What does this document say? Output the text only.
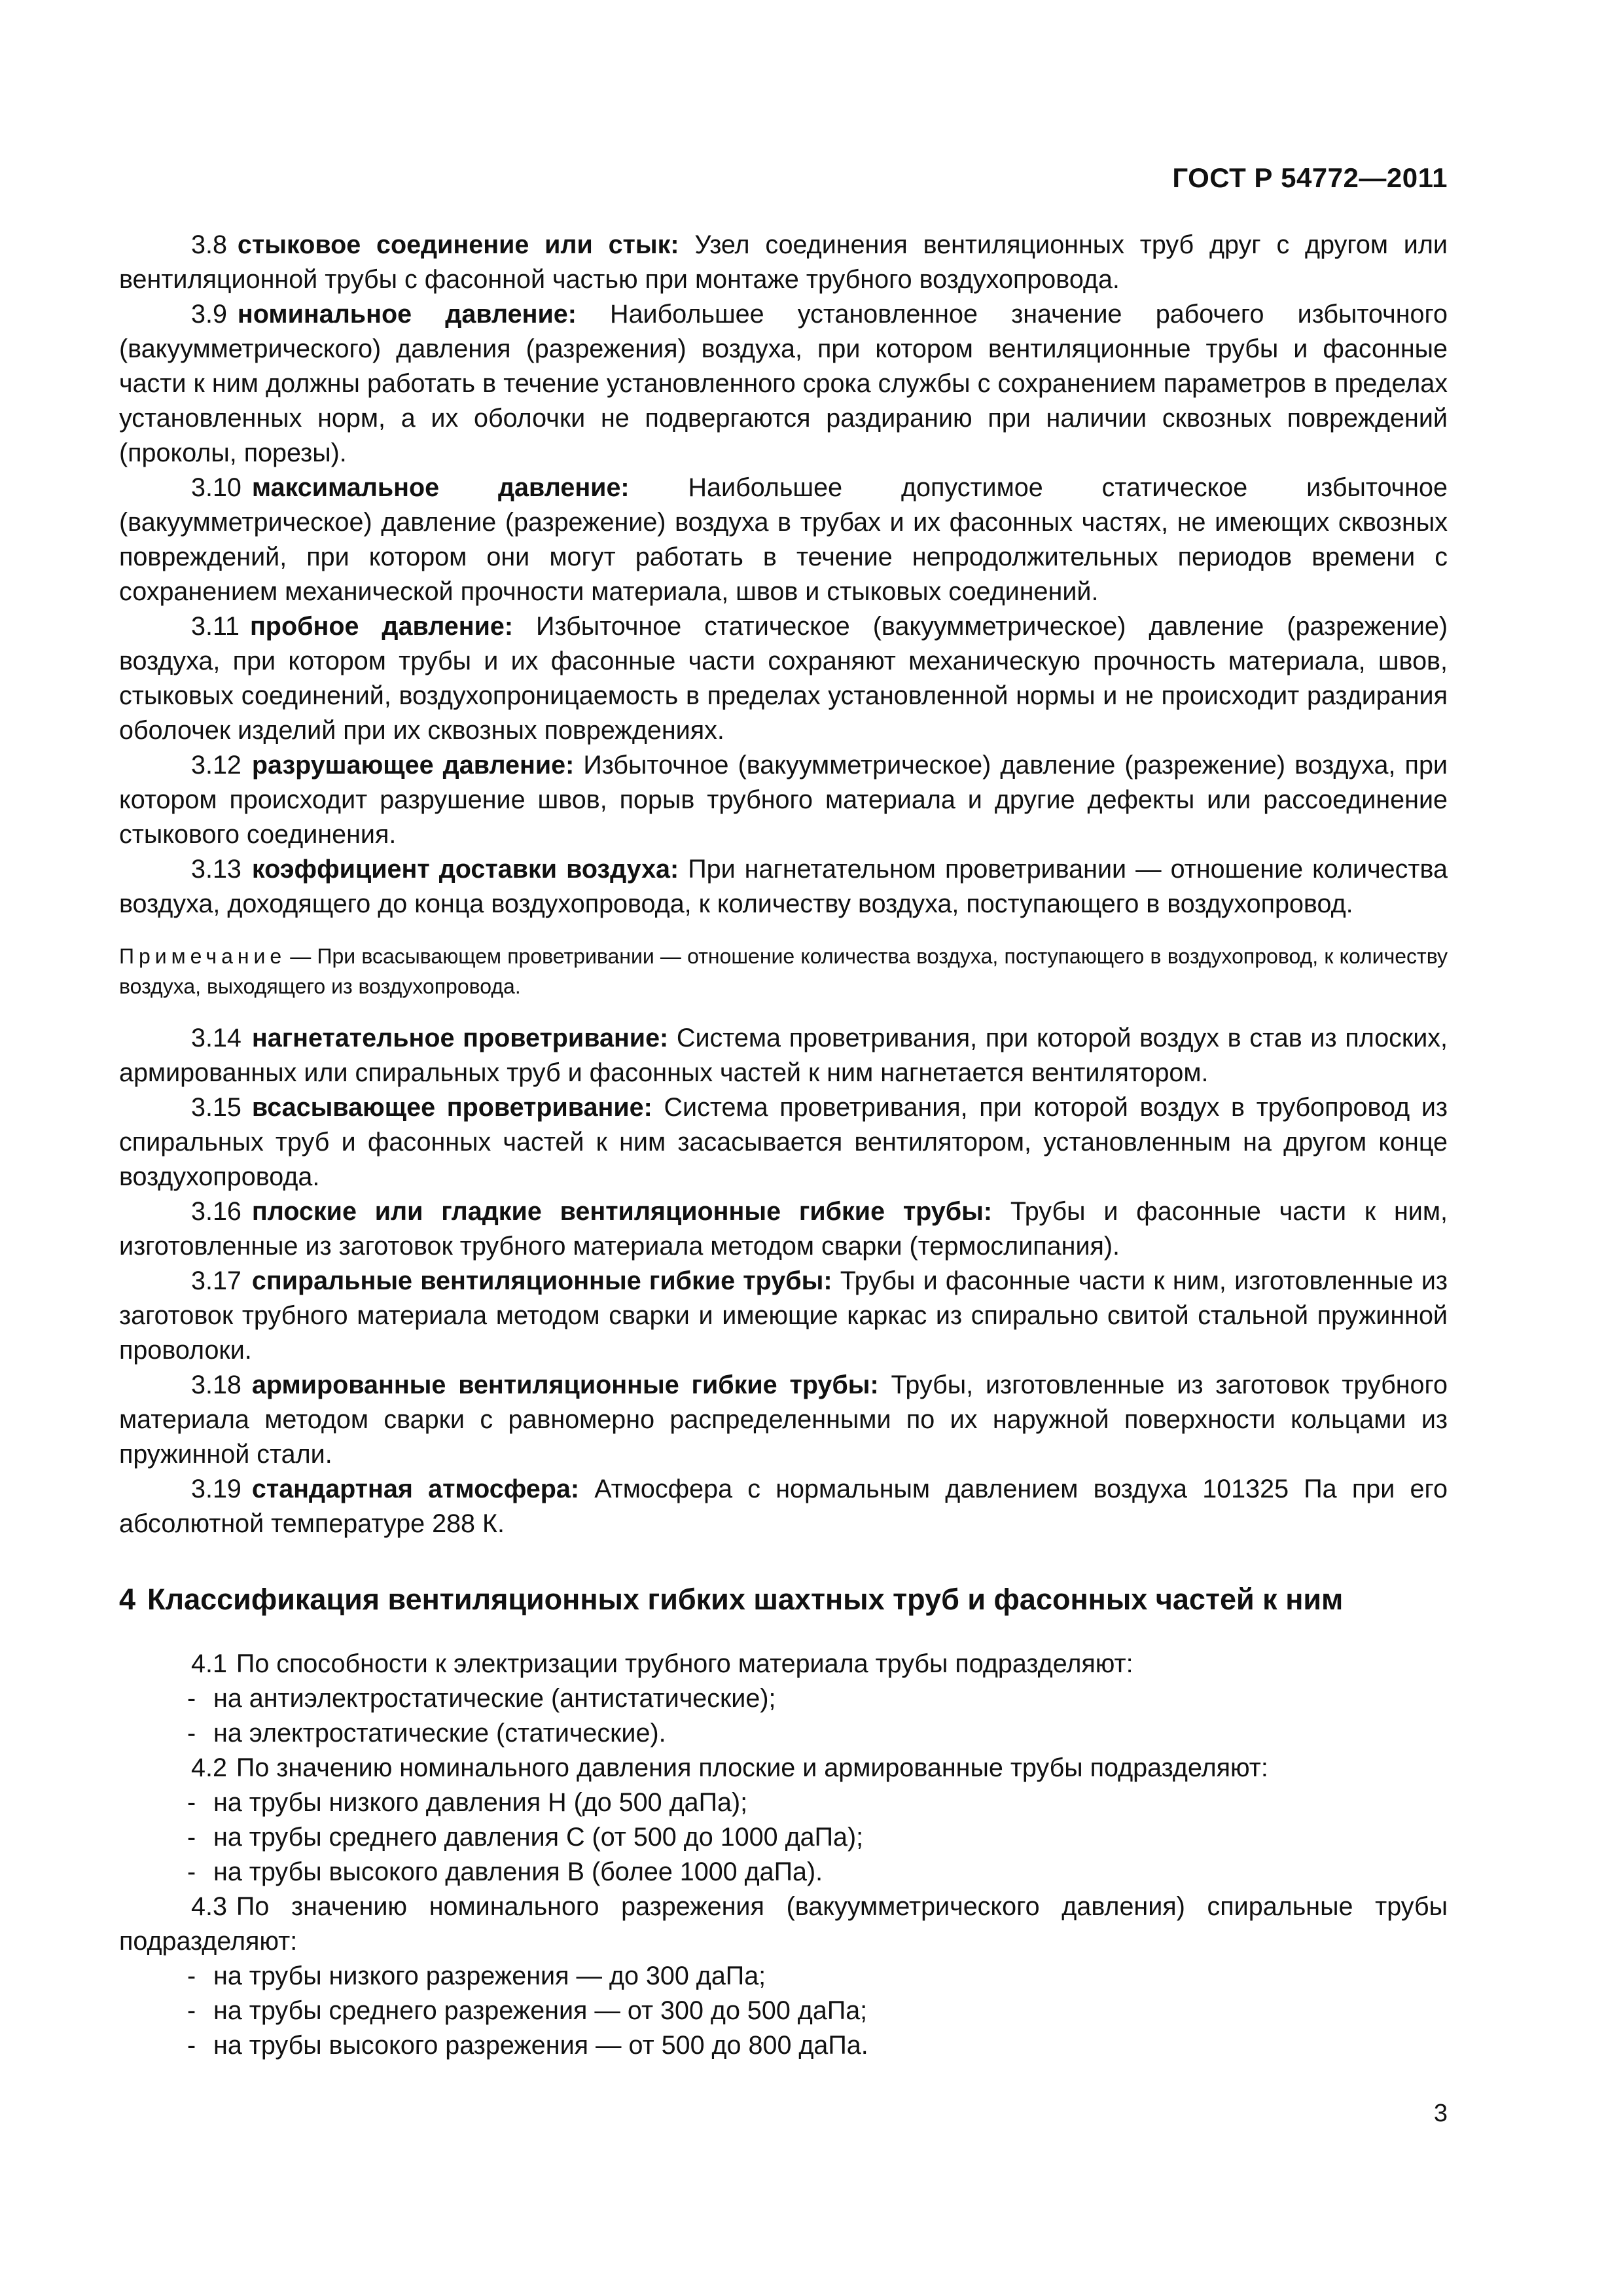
ГОСТ Р 54772—2011

3.8 стыковое соединение или стык: Узел соединения вентиляционных труб друг с другом или вентиляционной трубы с фасонной частью при монтаже трубного воздухопровода.

3.9 номинальное давление: Наибольшее установленное значение рабочего избыточного (вакуумметрического) давления (разрежения) воздуха, при котором вентиляционные трубы и фасонные части к ним должны работать в течение установленного срока службы с сохранением параметров в пределах установленных норм, а их оболочки не подвергаются раздиранию при наличии сквозных повреждений (проколы, порезы).

3.10 максимальное давление: Наибольшее допустимое статическое избыточное (вакуумметрическое) давление (разрежение) воздуха в трубах и их фасонных частях, не имеющих сквозных повреждений, при котором они могут работать в течение непродолжительных периодов времени с сохранением механической прочности материала, швов и стыковых соединений.

3.11 пробное давление: Избыточное статическое (вакуумметрическое) давление (разрежение) воздуха, при котором трубы и их фасонные части сохраняют механическую прочность материала, швов, стыковых соединений, воздухопроницаемость в пределах установленной нормы и не происходит раздирания оболочек изделий при их сквозных повреждениях.

3.12 разрушающее давление: Избыточное (вакуумметрическое) давление (разрежение) воздуха, при котором происходит разрушение швов, порыв трубного материала и другие дефекты или рассоединение стыкового соединения.

3.13 коэффициент доставки воздуха: При нагнетательном проветривании — отношение количества воздуха, доходящего до конца воздухопровода, к количеству воздуха, поступающего в воздухопровод.

Примечание — При всасывающем проветривании — отношение количества воздуха, поступающего в воздухопровод, к количеству воздуха, выходящего из воздухопровода.

3.14 нагнетательное проветривание: Система проветривания, при которой воздух в став из плоских, армированных или спиральных труб и фасонных частей к ним нагнетается вентилятором.

3.15 всасывающее проветривание: Система проветривания, при которой воздух в трубопровод из спиральных труб и фасонных частей к ним засасывается вентилятором, установленным на другом конце воздухопровода.

3.16 плоские или гладкие вентиляционные гибкие трубы: Трубы и фасонные части к ним, изготовленные из заготовок трубного материала методом сварки (термослипания).

3.17 спиральные вентиляционные гибкие трубы: Трубы и фасонные части к ним, изготовленные из заготовок трубного материала методом сварки и имеющие каркас из спирально свитой стальной пружинной проволоки.

3.18 армированные вентиляционные гибкие трубы: Трубы, изготовленные из заготовок трубного материала методом сварки с равномерно распределенными по их наружной поверхности кольцами из пружинной стали.

3.19 стандартная атмосфера: Атмосфера с нормальным давлением воздуха 101325 Па при его абсолютной температуре 288 К.

4 Классификация вентиляционных гибких шахтных труб и фасонных частей к ним

4.1 По способности к электризации трубного материала трубы подразделяют:

- на антиэлектростатические (антистатические);

- на электростатические (статические).

4.2 По значению номинального давления плоские и армированные трубы подразделяют:

- на трубы низкого давления Н (до 500 даПа);

- на трубы среднего давления С (от 500 до 1000 даПа);

- на трубы высокого давления В (более 1000 даПа).

4.3 По значению номинального разрежения (вакуумметрического давления) спиральные трубы подразделяют:

- на трубы низкого разрежения — до 300 даПа;

- на трубы среднего разрежения — от 300 до 500 даПа;

- на трубы высокого разрежения — от 500 до 800 даПа.

3
